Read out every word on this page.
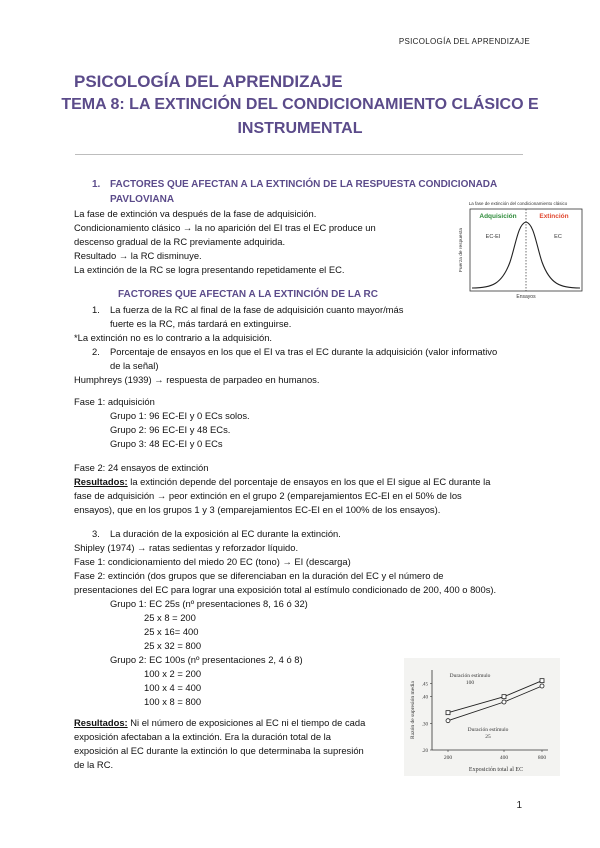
PSICOLOGÍA DEL APRENDIZAJE
PSICOLOGÍA DEL APRENDIZAJE
TEMA 8: LA EXTINCIÓN DEL CONDICIONAMIENTO CLÁSICO E
INSTRUMENTAL
1. FACTORES QUE AFECTAN A LA EXTINCIÓN DE LA RESPUESTA CONDICIONADA
PAVLOVIANA
La fase de extinción va después de la fase de adquisición.
Condicionamiento clásico → la no aparición del EI tras el EC produce un
descenso gradual de la RC previamente adquirida.
Resultado → la RC disminuye.
La extinción de la RC se logra presentando repetidamente el EC.
La fase de extinción del condicionamiento clásico
Adquisición	Extinción
EC-EI	EC
Fuerza de respuesta
Ensayos
FACTORES QUE AFECTAN A LA EXTINCIÓN DE LA RC
1. La fuerza de la RC al final de la fase de adquisición cuanto mayor/más
fuerte es la RC, más tardará en extinguirse.
*La extinción no es lo contrario a la adquisición.
2. Porcentaje de ensayos en los que el EI va tras el EC durante la adquisición (valor informativo
de la señal)
Humphreys (1939) → respuesta de parpadeo en humanos.
Fase 1: adquisición
Grupo 1: 96 EC-EI y 0 ECs solos.
Grupo 2: 96 EC-EI y 48 ECs.
Grupo 3: 48 EC-EI y 0 ECs
Fase 2: 24 ensayos de extinción
Resultados: la extinción depende del porcentaje de ensayos en los que el EI sigue al EC durante la
fase de adquisición → peor extinción en el grupo 2 (emparejamientos EC-EI en el 50% de los
ensayos), que en los grupos 1 y 3 (emparejamientos EC-EI en el 100% de los ensayos).
3. La duración de la exposición al EC durante la extinción.
Shipley (1974) → ratas sedientas y reforzador líquido.
Fase 1: condicionamiento del miedo 20 EC (tono) → EI (descarga)
Fase 2: extinción (dos grupos que se diferenciaban en la duración del EC y el número de
presentaciones del EC para lograr una exposición total al estímulo condicionado de 200, 400 o 800s).
Grupo 1: EC 25s (nº presentaciones 8, 16 ó 32)
25 x 8 = 200
25 x 16= 400
25 x 32 = 800
Grupo 2: EC 100s (nº presentaciones 2, 4 ó 8)
100 x 2 = 200
100 x 4 = 400
100 x 8 = 800
Resultados: Ni el número de exposiciones al EC ni el tiempo de cada
exposición afectaban a la extinción. Era la duración total de la
exposición al EC durante la extinción lo que determinaba la supresión
de la RC.
.20
.30
.40
.45
200	400	800
Exposición total al EC
Razón de supresión media
Duración estímulo
100
Duración estímulo
25
1
